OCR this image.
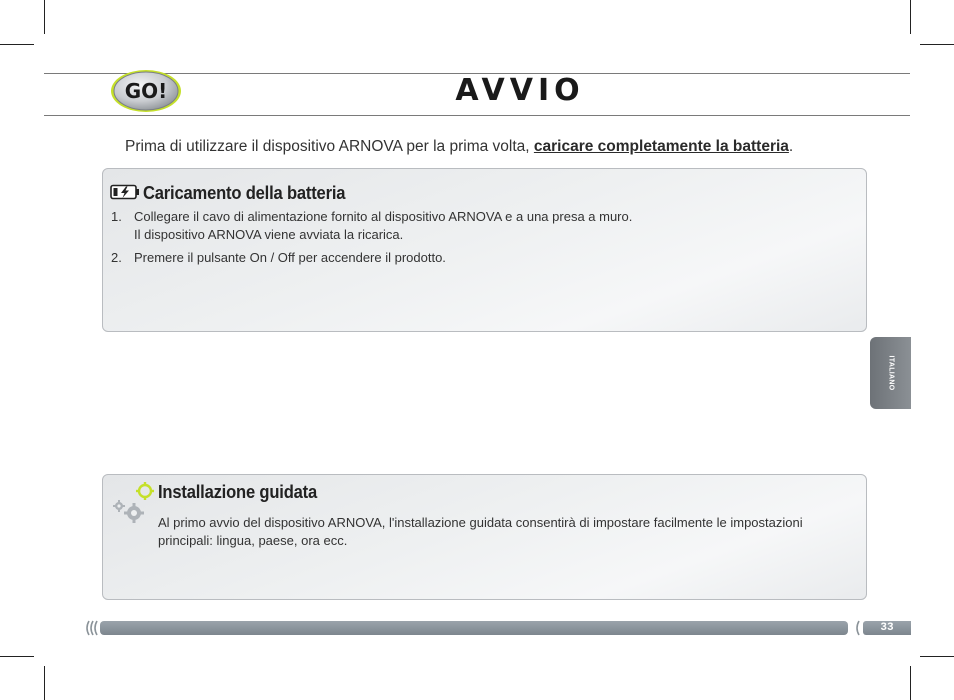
GO!	AVVIO
Prima di utilizzare il dispositivo ARNOVA per la prima volta, caricare completamente la batteria.
Caricamento della batteria
1. Collegare il cavo di alimentazione fornito al dispositivo ARNOVA e a una presa a muro.
Il dispositivo ARNOVA viene avviata la ricarica.
2. Premere il pulsante On / Off per accendere il prodotto.
Installazione guidata
Al primo avvio del dispositivo ARNOVA, l'installazione guidata consentirà di impostare facilmente le impostazioni principali: lingua, paese, ora ecc.
ITALIANO
33
